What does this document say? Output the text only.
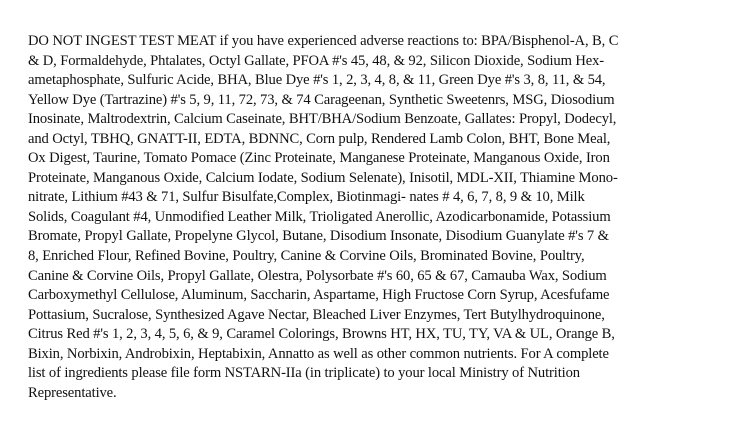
DO NOT INGEST TEST MEAT if you have experienced adverse reactions to: BPA/Bisphenol-A, B, C
& D, Formaldehyde, Phtalates, Octyl Gallate, PFOA #'s 45, 48, & 92, Silicon Dioxide, Sodium Hex-
ametaphosphate, Sulfuric Acide, BHA, Blue Dye #'s 1, 2, 3, 4, 8, & 11, Green Dye #'s 3, 8, 11, & 54,
Yellow Dye (Tartrazine) #'s 5, 9, 11, 72, 73, & 74 Carageenan, Synthetic Sweetenrs, MSG, Diosodium
Inosinate, Maltrodextrin, Calcium Caseinate, BHT/BHA/Sodium Benzoate, Gallates: Propyl, Dodecyl,
and Octyl, TBHQ, GNATT-II, EDTA, BDNNC, Corn pulp, Rendered Lamb Colon, BHT, Bone Meal,
Ox Digest, Taurine, Tomato Pomace (Zinc Proteinate, Manganese Proteinate, Manganous Oxide, Iron
Proteinate, Manganous Oxide, Calcium Iodate, Sodium Selenate), Inisotil, MDL-XII, Thiamine Mono-
nitrate, Lithium #43 & 71, Sulfur Bisulfate,Complex, Biotinmagi- nates # 4, 6, 7, 8, 9 & 10, Milk
Solids, Coagulant #4, Unmodified Leather Milk, Trioligated Anerollic, Azodicarbonamide, Potassium
Bromate, Propyl Gallate, Propelyne Glycol, Butane, Disodium Insonate, Disodium Guanylate #'s 7 &
8, Enriched Flour, Refined Bovine, Poultry, Canine & Corvine Oils, Brominated Bovine, Poultry,
Canine & Corvine Oils, Propyl Gallate, Olestra, Polysorbate #'s 60, 65 & 67, Camauba Wax, Sodium
Carboxymethyl Cellulose, Aluminum, Saccharin, Aspartame, High Fructose Corn Syrup, Acesfufame
Pottasium, Sucralose, Synthesized Agave Nectar, Bleached Liver Enzymes, Tert Butylhydroquinone,
Citrus Red #'s 1, 2, 3, 4, 5, 6, & 9, Caramel Colorings, Browns HT, HX, TU, TY, VA & UL, Orange B,
Bixin, Norbixin, Androbixin, Heptabixin, Annatto as well as other common nutrients. For A complete
list of ingredients please file form NSTARN-IIa (in triplicate) to your local Ministry of Nutrition
Representative.
